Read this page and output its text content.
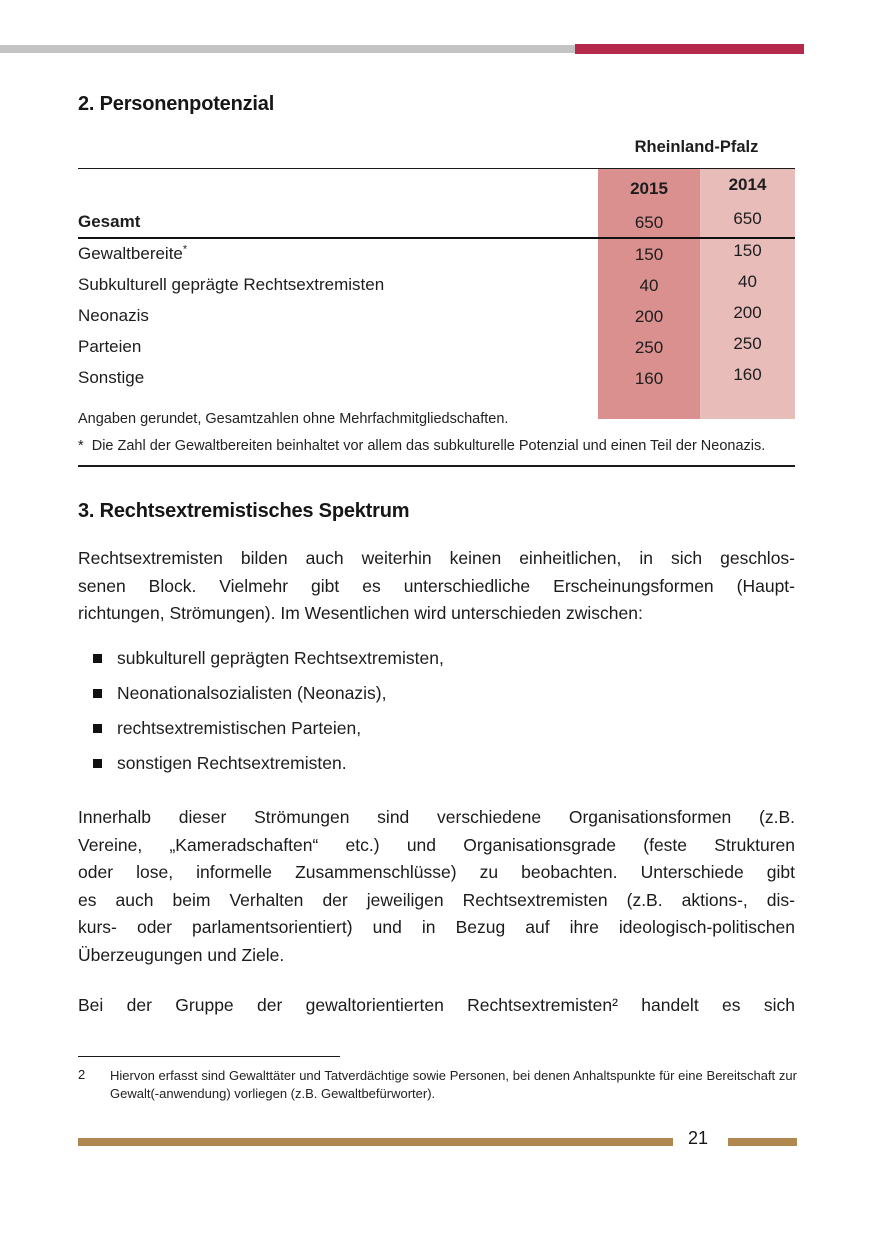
2. Personenpotenzial
Rheinland-Pfalz
2015	2014
Gesamt	650	650
Gewaltbereite*	150	150
Subkulturell geprägte Rechtsextremisten	40	40
Neonazis	200	200
Parteien	250	250
Sonstige	160	160
Angaben gerundet, Gesamtzahlen ohne Mehrfachmitgliedschaften.
* Die Zahl der Gewaltbereiten beinhaltet vor allem das subkulturelle Potenzial und einen Teil der Neonazis.
3. Rechtsextremistisches Spektrum
Rechtsextremisten bilden auch weiterhin keinen einheitlichen, in sich geschlos-
senen Block. Vielmehr gibt es unterschiedliche Erscheinungsformen (Haupt-
richtungen, Strömungen). Im Wesentlichen wird unterschieden zwischen:
subkulturell geprägten Rechtsextremisten,
Neonationalsozialisten (Neonazis),
rechtsextremistischen Parteien,
sonstigen Rechtsextremisten.
Innerhalb dieser Strömungen sind verschiedene Organisationsformen (z.B.
Vereine, „Kameradschaften“ etc.) und Organisationsgrade (feste Strukturen
oder lose, informelle Zusammenschlüsse) zu beobachten. Unterschiede gibt
es auch beim Verhalten der jeweiligen Rechtsextremisten (z.B. aktions-, dis-
kurs- oder parlamentsorientiert) und in Bezug auf ihre ideologisch-politischen
Überzeugungen und Ziele.
Bei der Gruppe der gewaltorientierten Rechtsextremisten² handelt es sich
2 Hiervon erfasst sind Gewalttäter und Tatverdächtige sowie Personen, bei denen Anhaltspunkte für eine Bereitschaft zur
Gewalt(-anwendung) vorliegen (z.B. Gewaltbefürworter).
21
